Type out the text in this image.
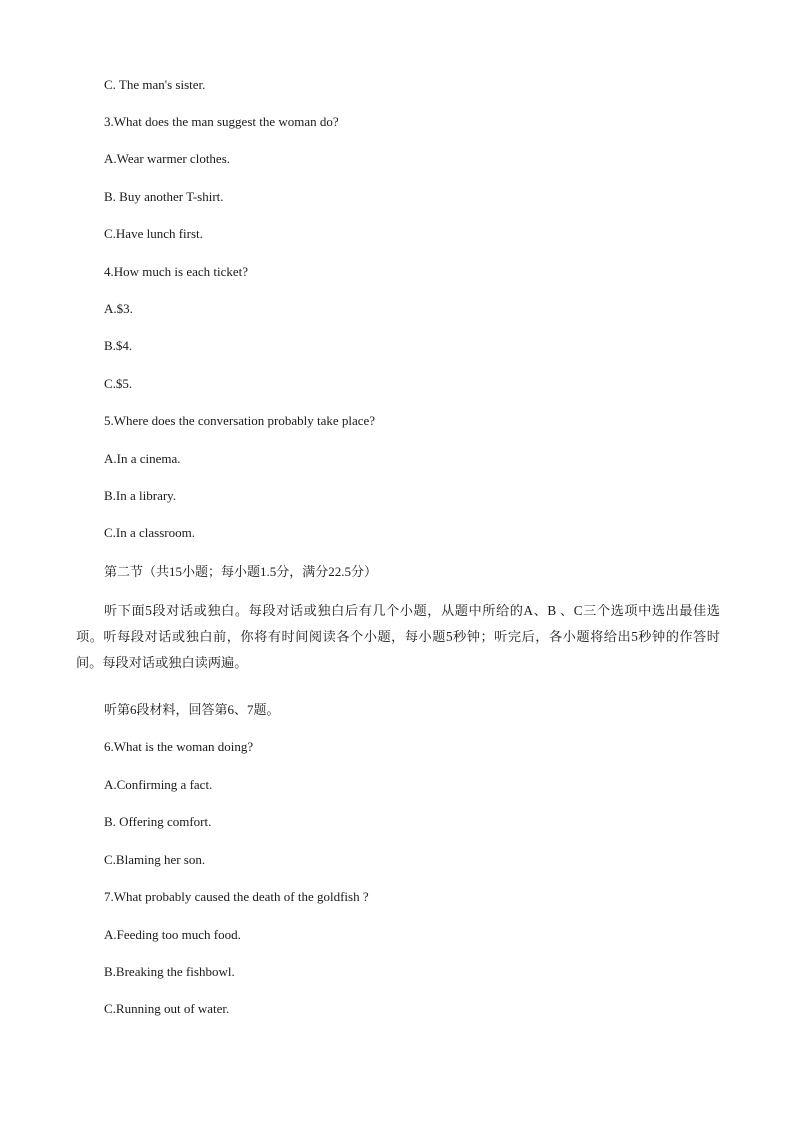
C. The man's sister.
3.What does the man suggest the woman do?
A.Wear warmer clothes.
B. Buy another T-shirt.
C.Have lunch first.
4.How much is each ticket?
A.$3.
B.$4.
C.$5.
5.Where does the conversation probably take place?
A.In a cinema.
B.In a library.
C.In a classroom.
第二节（共15小题；每小题1.5分，满分22.5分）
听下面5段对话或独白。每段对话或独白后有几个小题，从题中所给的A、B 、C三个选项中选出最佳选项。听每段对话或独白前，你将有时间阅读各个小题，每小题5秒钟；听完后，各小题将给出5秒钟的作答时间。每段对话或独白读两遍。
听第6段材料，回答第6、7题。
6.What is the woman doing?
A.Confirming a fact.
B. Offering comfort.
C.Blaming her son.
7.What probably caused the death of the goldfish ?
A.Feeding too much food.
B.Breaking the fishbowl.
C.Running out of water.
